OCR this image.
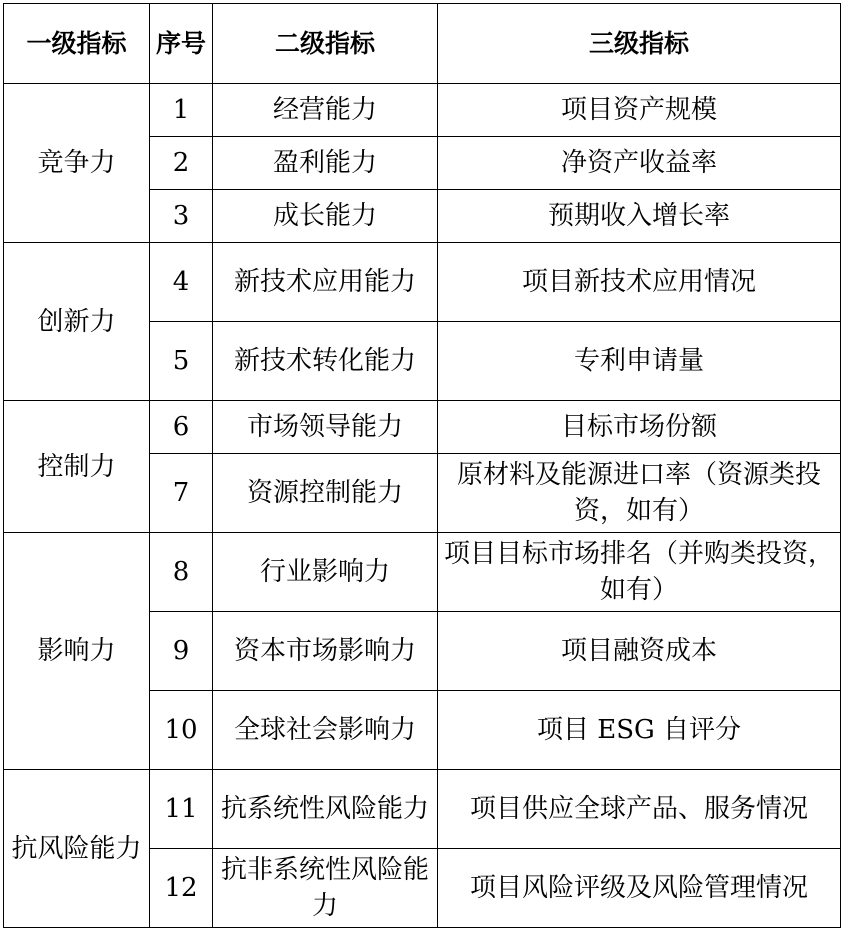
一级指标	序号	二级指标	三级指标
竞争力	1	经营能力	项目资产规模
	2	盈利能力	净资产收益率
	3	成长能力	预期收入增长率
创新力	4	新技术应用能力	项目新技术应用情况
	5	新技术转化能力	专利申请量
控制力	6	市场领导能力	目标市场份额
	7	资源控制能力	原材料及能源进口率（资源类投资，如有）
影响力	8	行业影响力	项目目标市场排名（并购类投资，如有）
	9	资本市场影响力	项目融资成本
	10	全球社会影响力	项目 ESG 自评分
抗风险能力	11	抗系统性风险能力	项目供应全球产品、服务情况
	12	抗非系统性风险能力	项目风险评级及风险管理情况
